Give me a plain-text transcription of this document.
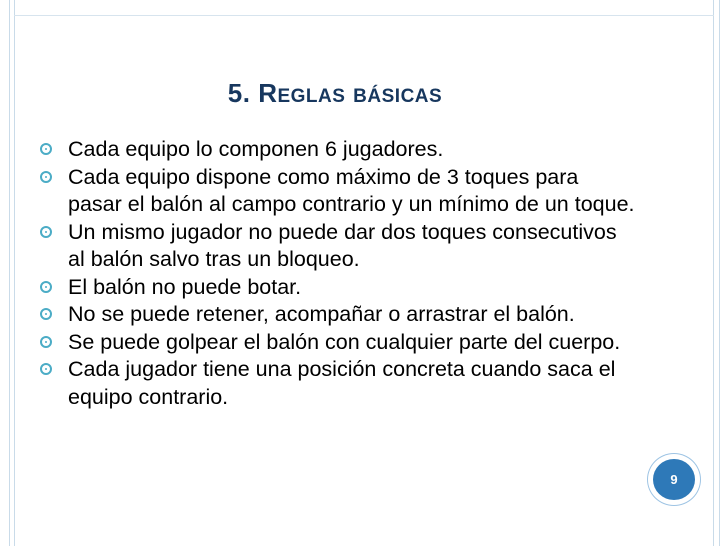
5. REGLAS BÁSICAS
Cada equipo lo componen 6 jugadores.
Cada equipo dispone como máximo de 3 toques para pasar el balón al campo contrario y un mínimo de un toque.
Un mismo jugador no puede dar dos toques consecutivos al balón salvo tras un bloqueo.
El balón no puede botar.
No se puede retener, acompañar o arrastrar el balón.
Se puede golpear el balón con cualquier parte del cuerpo.
Cada jugador tiene una posición concreta cuando saca el equipo contrario.
9
